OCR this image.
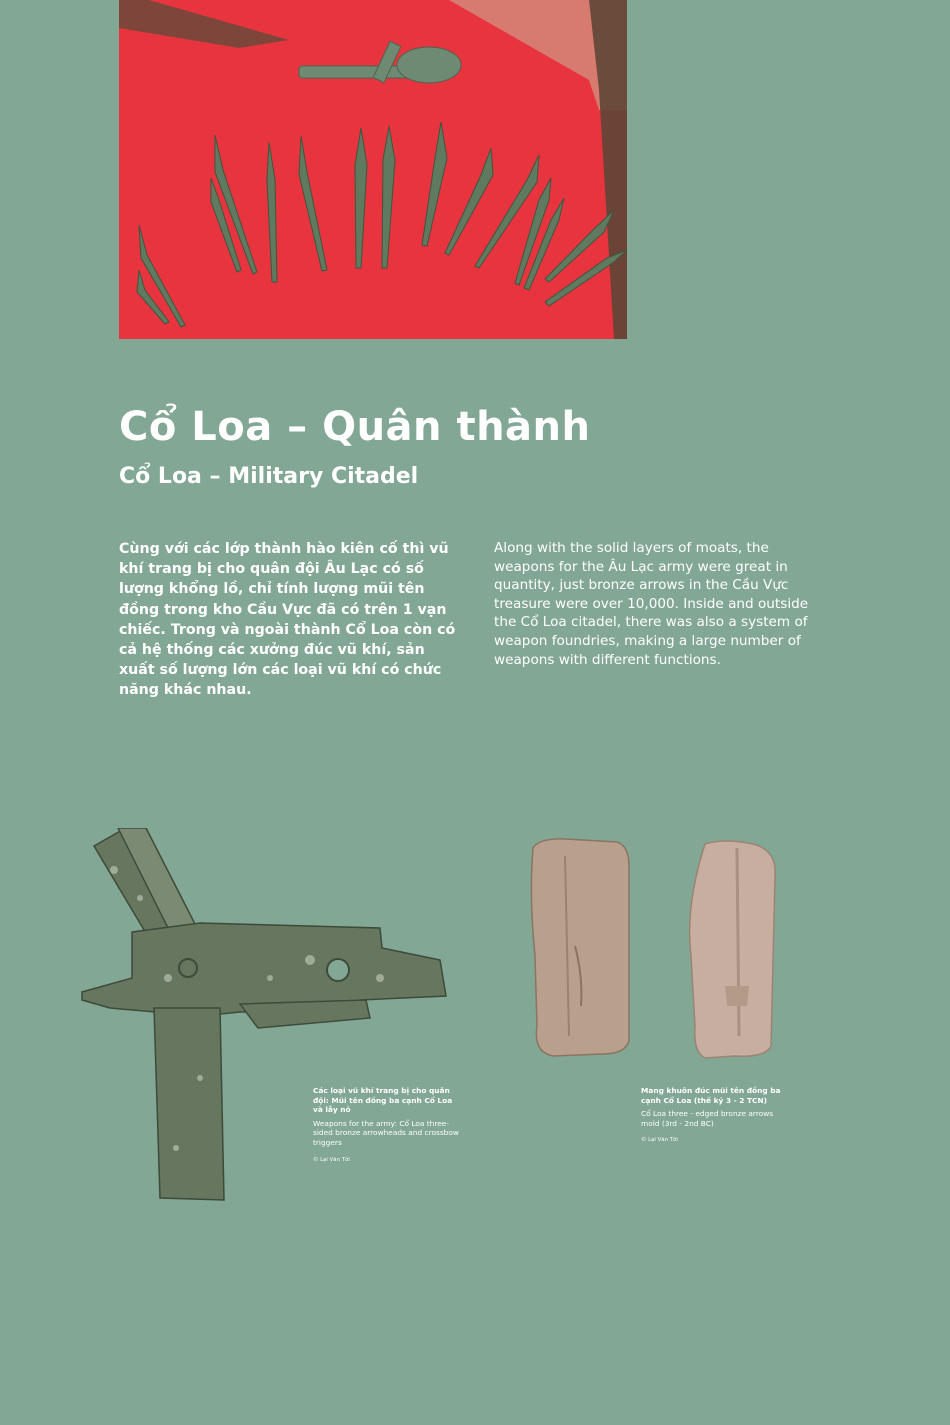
Cổ Loa – Quân thành
Cổ Loa – Military Citadel

Cùng với các lớp thành hào kiên cố thì vũ khí trang bị cho quân đội Âu Lạc có số lượng khổng lồ, chỉ tính lượng mũi tên đồng trong kho Cầu Vực đã có trên 1 vạn chiếc. Trong và ngoài thành Cổ Loa còn có cả hệ thống các xưởng đúc vũ khí, sản xuất số lượng lớn các loại vũ khí có chức năng khác nhau.

Along with the solid layers of moats, the weapons for the Âu Lạc army were great in quantity, just bronze arrows in the Cầu Vực treasure were over 10,000. Inside and outside the Cổ Loa citadel, there was also a system of weapon foundries, making a large number of weapons with different functions.

Các loại vũ khí trang bị cho quân đội: Mũi tên đồng ba cạnh Cổ Loa và lẫy nỏ
Weapons for the army: Cổ Loa three-sided bronze arrowheads and crossbow triggers
© Lại Văn Tới
Mang khuôn đúc mũi tên đồng ba cạnh Cổ Loa (thế kỷ 3 - 2 TCN)
Cổ Loa three - edged bronze arrows mold (3rd - 2nd BC)
© Lại Văn Tới
